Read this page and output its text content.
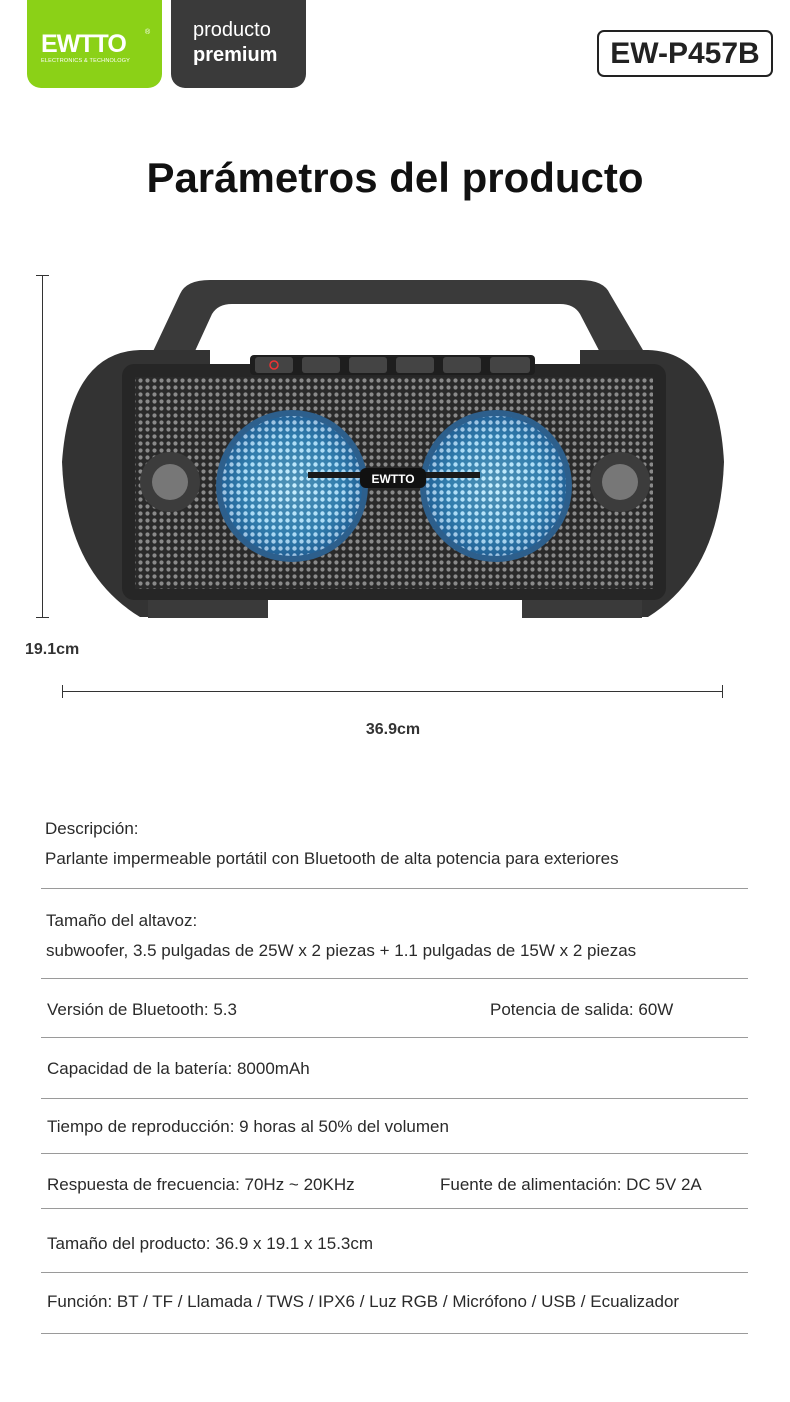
EWTTO	®
ELECTRONICS & TECHNOLOGY
producto
premium	EW-P457B
Parámetros del producto
EWTTO
19.1cm
36.9cm
Descripción:
Parlante impermeable portátil con Bluetooth de alta potencia para exteriores
Tamaño del altavoz:
subwoofer, 3.5 pulgadas de 25W x 2 piezas + 1.1 pulgadas de 15W x 2 piezas
Versión de Bluetooth: 5.3	Potencia de salida: 60W
Capacidad de la batería: 8000mAh
Tiempo de reproducción: 9 horas al 50% del volumen
Respuesta de frecuencia: 70Hz ~ 20KHz	Fuente de alimentación: DC 5V 2A
Tamaño del producto: 36.9 x 19.1 x 15.3cm
Función: BT / TF / Llamada / TWS / IPX6 / Luz RGB / Micrófono / USB / Ecualizador
